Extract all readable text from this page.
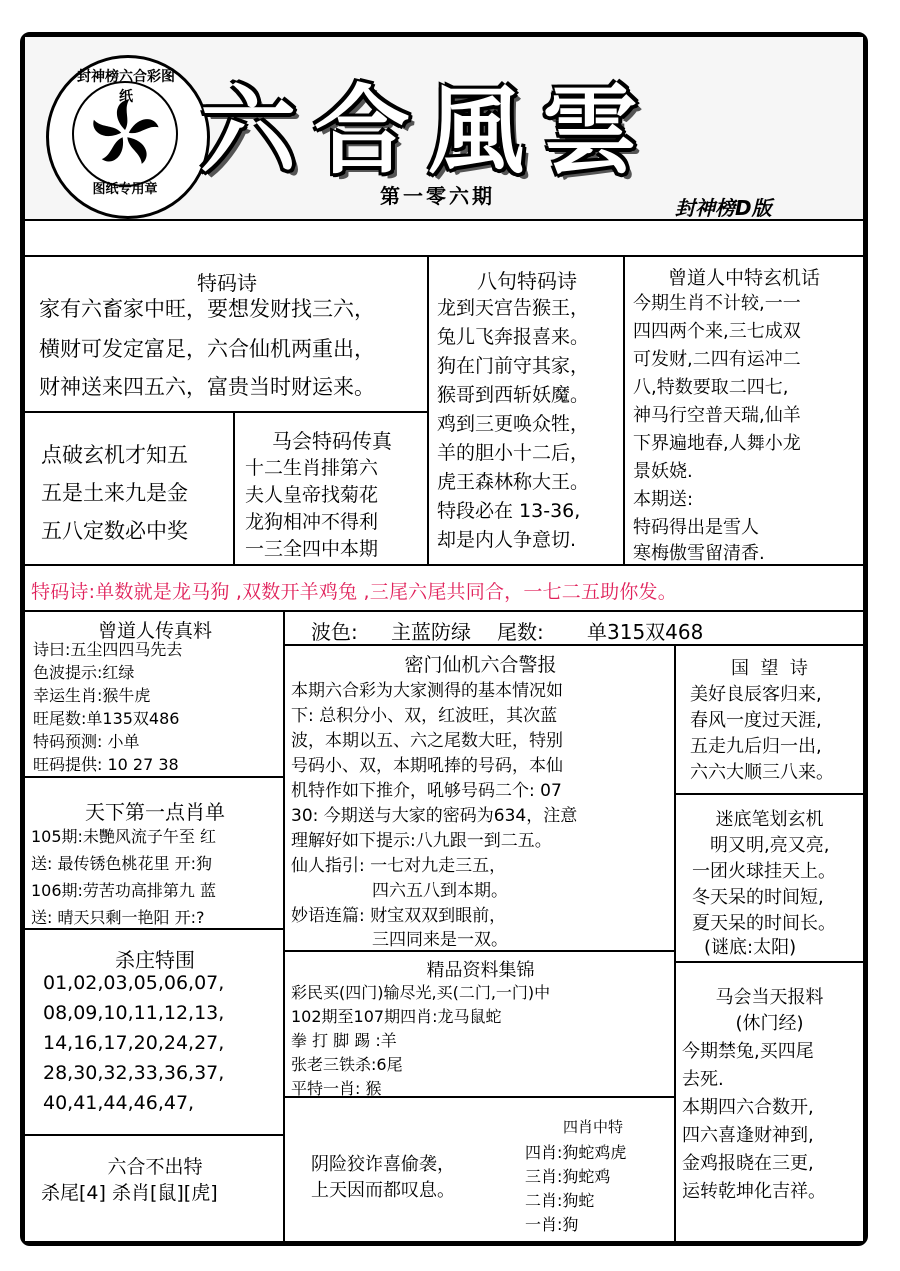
封神榜六合彩图纸
图纸专用章
六合風雲
第一零六期	封神榜D版
特码诗
家有六畜家中旺，要想发财找三六，
横财可发定富足，六合仙机两重出，
财神送来四五六，富贵当时财运来。
点破玄机才知五
五是土来九是金
五八定数必中奖
马会特码传真
十二生肖排第六
夫人皇帝找菊花
龙狗相冲不得利
一三全四中本期
八句特码诗
龙到天宫告猴王，
兔儿飞奔报喜来。
狗在门前守其家，
猴哥到西斩妖魔。
鸡到三更唤众牲，
羊的胆小十二后，
虎王森林称大王。
特段必在 13-36,
却是内人争意切.
曾道人中特玄机话
今期生肖不计较,一一
四四两个来,三七成双
可发财,二四有运冲二
八,特数要取二四七,
神马行空普天瑞,仙羊
下界遍地春,人舞小龙
景妖娆.
本期送:
特码得出是雪人
寒梅傲雪留清香.
特码诗:单数就是龙马狗 ,双数开羊鸡兔 ,三尾六尾共同合，一七二五助你发。
曾道人传真料
诗曰:五尘四四马先去
色波提示:红绿
幸运生肖:猴牛虎
旺尾数:单135双486
特码预测: 小单
旺码提供: 10 27 38
天下第一点肖单
105期:未艷风流子午至 红
送: 最传锈色桃花里 开:狗
106期:劳苦功高排第九 蓝
送: 晴天只剩一艳阳 开:?
杀庄特围
01,02,03,05,06,07,
08,09,10,11,12,13,
14,16,17,20,24,27,
28,30,32,33,36,37,
40,41,44,46,47,
六合不出特
杀尾[4] 杀肖[鼠][虎]
波色: 主蓝防绿 尾数: 单315双468
密门仙机六合警报
本期六合彩为大家测得的基本情况如
下: 总积分小、双，红波旺，其次蓝
波，本期以五、六之尾数大旺，特别
号码小、双，本期吼捧的号码，本仙
机特作如下推介，吼够号码二个: 07
30: 今期送与大家的密码为634，注意
理解好如下提示:八九跟一到二五。
仙人指引: 一七对九走三五，
四六五八到本期。
妙语连篇: 财宝双双到眼前，
三四同来是一双。
精品资料集锦
彩民买(四门)输尽光,买(二门,一门)中
102期至107期四肖:龙马鼠蛇
拳 打 脚 踢 :羊
张老三铁杀:6尾
平特一肖: 猴
阴险狡诈喜偷袭，
上天因而都叹息。
四肖中特
四肖:狗蛇鸡虎
三肖:狗蛇鸡
二肖:狗蛇
一肖:狗
国  望  诗
美好良辰客归来,
春风一度过天涯,
五走九后归一出,
六六大顺三八来。
迷底笔划玄机
明又明,亮又亮,
一团火球挂天上。
冬天呆的时间短,
夏天呆的时间长。
(谜底:太阳)
马会当天报料
(休门经)
今期禁兔,买四尾
去死.
本期四六合数开,
四六喜逢财神到,
金鸡报晓在三更,
运转乾坤化吉祥。
